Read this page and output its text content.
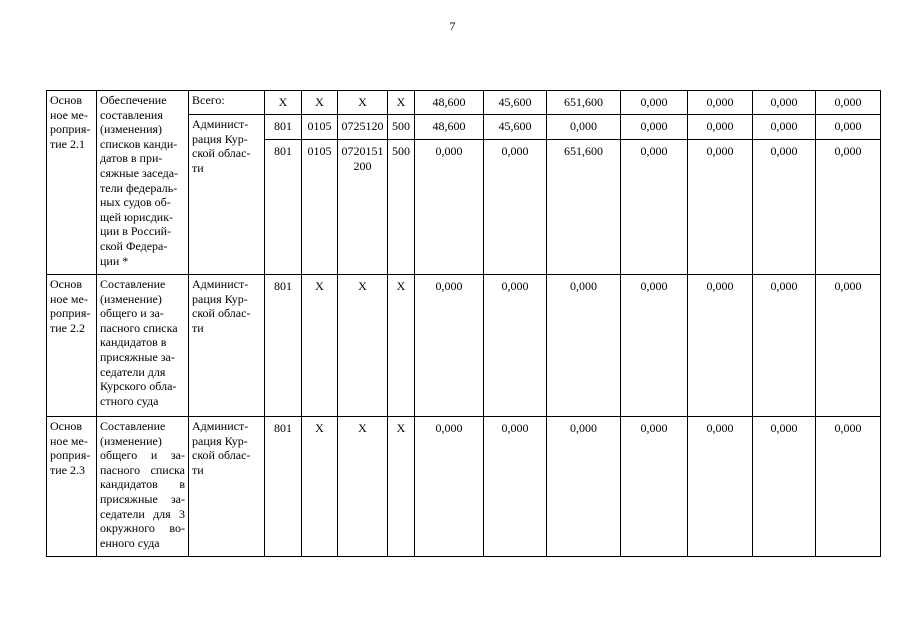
7
Основ ное ме-роприя-тие 2.1	Обеспечение составления (изменения) списков канди-датов в при-сяжные заседа-тели федераль-ных судов об-щей юрисдик-ции в Россий-ской Федера-ции *	Всего:	X	X	X	X	48,600	45,600	651,600	0,000	0,000	0,000	0,000
		Админист-рация Кур-ской облас-ти	801	0105	0725120	500	48,600	45,600	0,000	0,000	0,000	0,000	0,000
			801	0105	0720151 200	500	0,000	0,000	651,600	0,000	0,000	0,000	0,000
Основ ное ме-роприя-тие 2.2	Составление (изменение) общего и за-пасного списка кандидатов в присяжные за-седатели для Курского обла-стного суда	Админист-рация Кур-ской облас-ти	801	X	X	X	0,000	0,000	0,000	0,000	0,000	0,000	0,000
Основ ное ме-роприя-тие 2.3	Составление (изменение) общего и за-пасного списка кандидатов в присяжные за-седатели для 3 окружного во-енного суда	Админист-рация Кур-ской облас-ти	801	X	X	X	0,000	0,000	0,000	0,000	0,000	0,000	0,000
